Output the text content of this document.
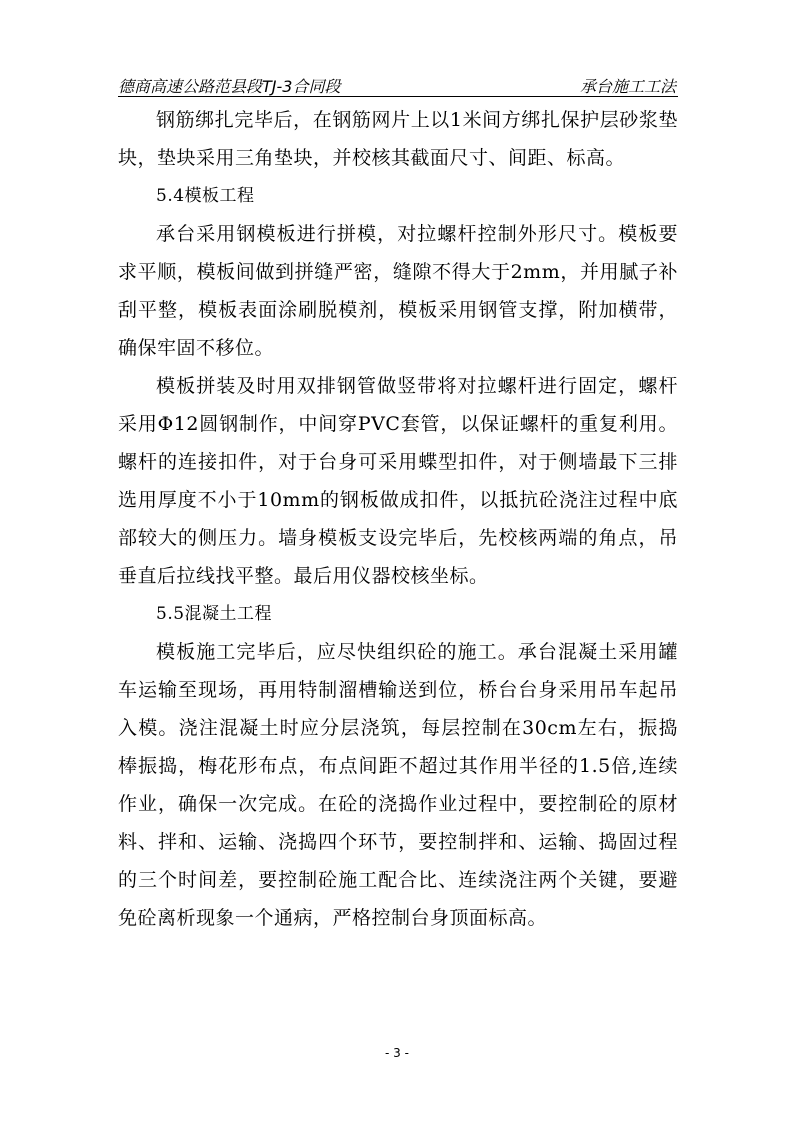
德商高速公路范县段TJ-3合同段	承台施工工法

钢筋绑扎完毕后，在钢筋网片上以1米间方绑扎保护层砂浆垫块，垫块采用三角垫块，并校核其截面尺寸、间距、标高。

5.4模板工程

承台采用钢模板进行拼模，对拉螺杆控制外形尺寸。模板要求平顺，模板间做到拼缝严密，缝隙不得大于2mm，并用腻子补刮平整，模板表面涂刷脱模剂，模板采用钢管支撑，附加横带，确保牢固不移位。

模板拼装及时用双排钢管做竖带将对拉螺杆进行固定，螺杆采用Φ12圆钢制作，中间穿PVC套管，以保证螺杆的重复利用。螺杆的连接扣件，对于台身可采用蝶型扣件，对于侧墙最下三排选用厚度不小于10mm的钢板做成扣件，以抵抗砼浇注过程中底部较大的侧压力。墙身模板支设完毕后，先校核两端的角点，吊垂直后拉线找平整。最后用仪器校核坐标。

5.5混凝土工程

模板施工完毕后，应尽快组织砼的施工。承台混凝土采用罐车运输至现场，再用特制溜槽输送到位，桥台台身采用吊车起吊入模。浇注混凝土时应分层浇筑，每层控制在30cm左右，振捣棒振捣，梅花形布点，布点间距不超过其作用半径的1.5倍,连续作业，确保一次完成。在砼的浇捣作业过程中，要控制砼的原材料、拌和、运输、浇捣四个环节，要控制拌和、运输、捣固过程的三个时间差，要控制砼施工配合比、连续浇注两个关键，要避免砼离析现象一个通病，严格控制台身顶面标高。

- 3 -
